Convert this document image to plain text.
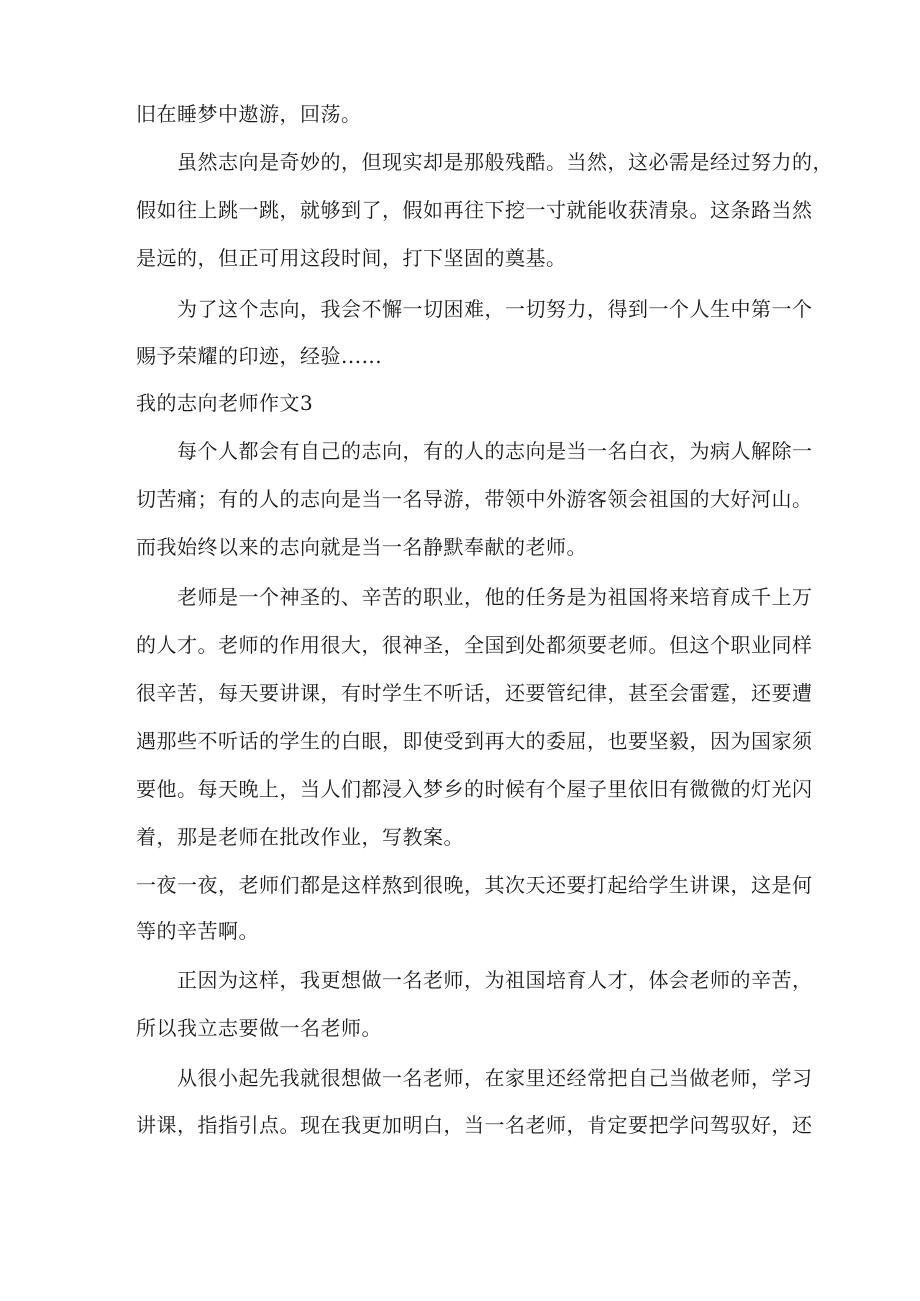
旧在睡梦中遨游，回荡。
虽然志向是奇妙的，但现实却是那般残酷。当然，这必需是经过努力的，
假如往上跳一跳，就够到了，假如再往下挖一寸就能收获清泉。这条路当然
是远的，但正可用这段时间，打下坚固的奠基。
为了这个志向，我会不懈一切困难，一切努力，得到一个人生中第一个
赐予荣耀的印迹，经验......
我的志向老师作文3
每个人都会有自己的志向，有的人的志向是当一名白衣，为病人解除一
切苦痛；有的人的志向是当一名导游，带领中外游客领会祖国的大好河山。
而我始终以来的志向就是当一名静默奉献的老师。
老师是一个神圣的、辛苦的职业，他的任务是为祖国将来培育成千上万
的人才。老师的作用很大，很神圣，全国到处都须要老师。但这个职业同样
很辛苦，每天要讲课，有时学生不听话，还要管纪律，甚至会雷霆，还要遭
遇那些不听话的学生的白眼，即使受到再大的委屈，也要坚毅，因为国家须
要他。每天晚上，当人们都浸入梦乡的时候有个屋子里依旧有微微的灯光闪
着，那是老师在批改作业，写教案。
一夜一夜，老师们都是这样熬到很晚，其次天还要打起给学生讲课，这是何
等的辛苦啊。
正因为这样，我更想做一名老师，为祖国培育人才，体会老师的辛苦，
所以我立志要做一名老师。
从很小起先我就很想做一名老师，在家里还经常把自己当做老师，学习
讲课，指指引点。现在我更加明白，当一名老师，肯定要把学问驾驭好，还
